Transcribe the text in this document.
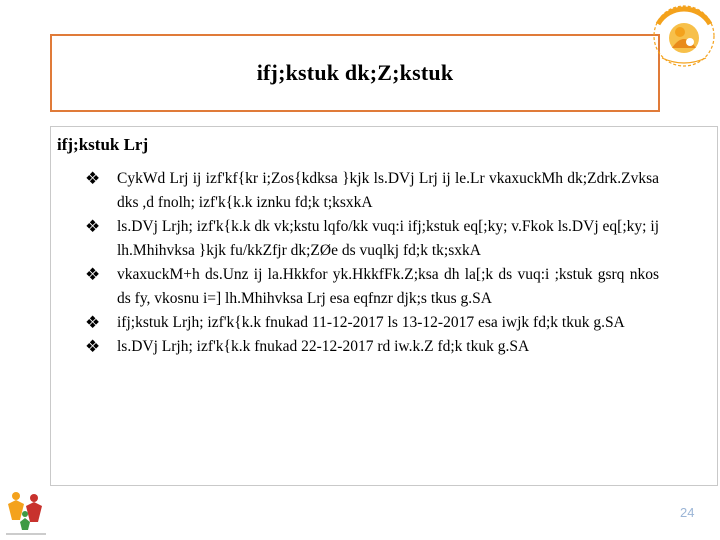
ifj;kstuk dk;Z;kstuk
ifj;kstuk Lrj
❖ CykWd Lrj ij izf'kf{kr i;Zos{kdksa }kjk ls.DVj Lrj ij le.Lr vkaxuckMh dk;Zdrk.Zvksa dks ,d fnolh; izf'k{k.k iznku fd;k t;ksxkA
❖ ls.DVj Lrjh; izf'k{k.k dk vk;kstu lqfo/kk vuq:i ifj;kstuk eq[;ky; v.Fkok ls.DVj eq[;ky; ij lh.Mhihvksa }kjk fu/kkZfjr dk;ZØe ds vuqlkj fd;k tk;sxkA
❖ vkaxuckM+h ds.Unz ij la.Hkkfor yk.HkkfFk.Z;ksa dh la[;k ds vuq:i ;kstuk gsrq nkos ds fy, vkosnu i=] lh.Mhihvksa Lrj esa eqfnzr djk;s tkus g.SA
❖ ifj;kstuk Lrjh; izf'k{k.k fnukad 11-12-2017 ls 13-12-2017 esa iwjk fd;k tkuk g.SA
❖ ls.DVj Lrjh; izf'k{k.k fnukad 22-12-2017 rd iw.k.Z fd;k tkuk g.SA
24
